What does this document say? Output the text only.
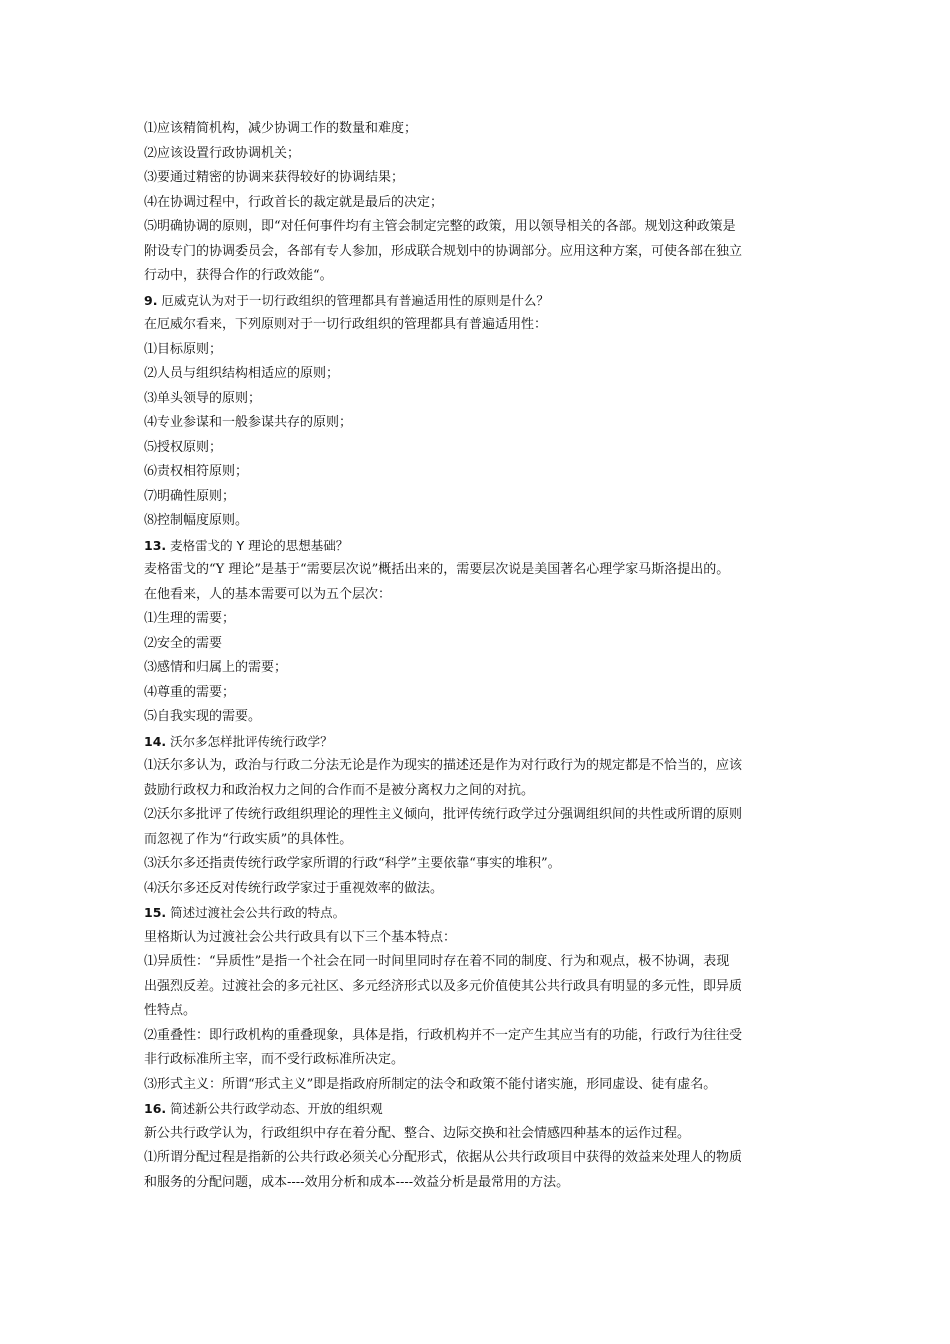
⑴应该精简机构，减少协调工作的数量和难度；
⑵应该设置行政协调机关；
⑶要通过精密的协调来获得较好的协调结果；
⑷在协调过程中，行政首长的裁定就是最后的决定；
⑸明确协调的原则，即“对任何事件均有主管会制定完整的政策，用以领导相关的各部。规划这种政策是
附设专门的协调委员会，各部有专人参加，形成联合规划中的协调部分。应用这种方案，可使各部在独立
行动中，获得合作的行政效能“。
9. 厄威克认为对于一切行政组织的管理都具有普遍适用性的原则是什么？
在厄威尔看来，下列原则对于一切行政组织的管理都具有普遍适用性：
⑴目标原则；
⑵人员与组织结构相适应的原则；
⑶单头领导的原则；
⑷专业参谋和一般参谋共存的原则；
⑸授权原则；
⑹责权相符原则；
⑺明确性原则；
⑻控制幅度原则。
13. 麦格雷戈的 Y 理论的思想基础？
麦格雷戈的“Y 理论”是基于“需要层次说”概括出来的，需要层次说是美国著名心理学家马斯洛提出的。
在他看来，人的基本需要可以为五个层次：
⑴生理的需要；
⑵安全的需要
⑶感情和归属上的需要；
⑷尊重的需要；
⑸自我实现的需要。
14. 沃尔多怎样批评传统行政学？
⑴沃尔多认为，政治与行政二分法无论是作为现实的描述还是作为对行政行为的规定都是不恰当的，应该
鼓励行政权力和政治权力之间的合作而不是被分离权力之间的对抗。
⑵沃尔多批评了传统行政组织理论的理性主义倾向，批评传统行政学过分强调组织间的共性或所谓的原则
而忽视了作为“行政实质”的具体性。
⑶沃尔多还指责传统行政学家所谓的行政“科学”主要依靠“事实的堆积”。
⑷沃尔多还反对传统行政学家过于重视效率的做法。
15. 简述过渡社会公共行政的特点。
里格斯认为过渡社会公共行政具有以下三个基本特点：
⑴异质性：“异质性”是指一个社会在同一时间里同时存在着不同的制度、行为和观点，极不协调，表现
出强烈反差。过渡社会的多元社区、多元经济形式以及多元价值使其公共行政具有明显的多元性，即异质
性特点。
⑵重叠性：即行政机构的重叠现象，具体是指，行政机构并不一定产生其应当有的功能，行政行为往往受
非行政标准所主宰，而不受行政标准所决定。
⑶形式主义：所谓“形式主义”即是指政府所制定的法令和政策不能付诸实施，形同虚设、徒有虚名。
16. 简述新公共行政学动态、开放的组织观
新公共行政学认为，行政组织中存在着分配、整合、边际交换和社会情感四种基本的运作过程。
⑴所谓分配过程是指新的公共行政必须关心分配形式，依据从公共行政项目中获得的效益来处理人的物质
和服务的分配问题，成本----效用分析和成本----效益分析是最常用的方法。
